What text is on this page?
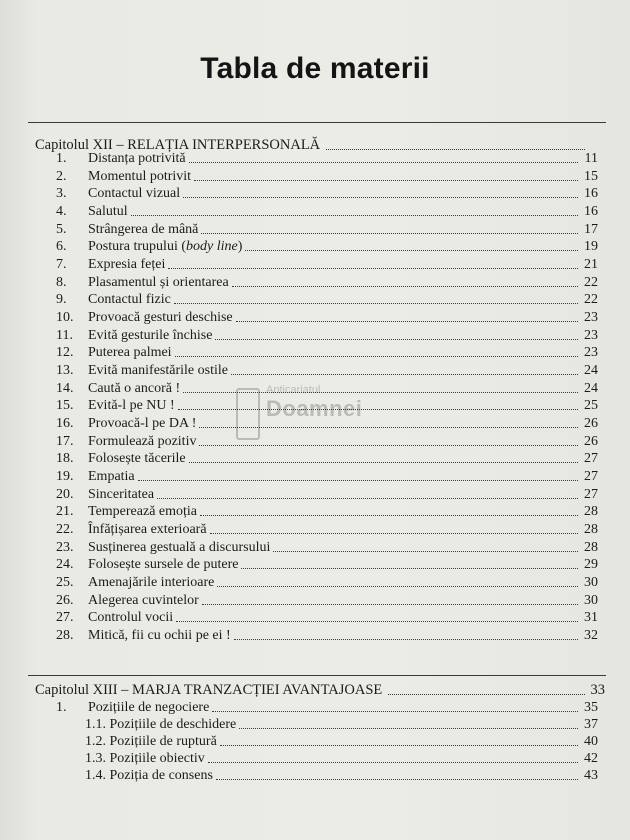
Tabla de materii
Anticariatul
Doamnei
Capitolul XII – RELAȚIA INTERPERSONALĂ
1.	Distanța potrivită	11
2.	Momentul potrivit	15
3.	Contactul vizual	16
4.	Salutul	16
5.	Strângerea de mână	17
6.	Postura trupului (body line)	19
7.	Expresia feței	21
8.	Plasamentul și orientarea	22
9.	Contactul fizic	22
10.	Provoacă gesturi deschise	23
11.	Evită gesturile închise	23
12.	Puterea palmei	23
13.	Evită manifestările ostile	24
14.	Caută o ancoră !	24
15.	Evită-l pe NU !	25
16.	Provoacă-l pe DA !	26
17.	Formulează pozitiv	26
18.	Folosește tăcerile	27
19.	Empatia	27
20.	Sinceritatea	27
21.	Temperează emoția	28
22.	Înfățișarea exterioară	28
23.	Susținerea gestuală a discursului	28
24.	Folosește sursele de putere	29
25.	Amenajările interioare	30
26.	Alegerea cuvintelor	30
27.	Controlul vocii	31
28.	Mitică, fii cu ochii pe ei !	32
Capitolul XIII – MARJA TRANZACȚIEI AVANTAJOASE	33
1.	Pozițiile de negociere	35
1.1. Pozițiile de deschidere	37
1.2. Pozițiile de ruptură	40
1.3. Pozițiile obiectiv	42
1.4. Poziția de consens	43
